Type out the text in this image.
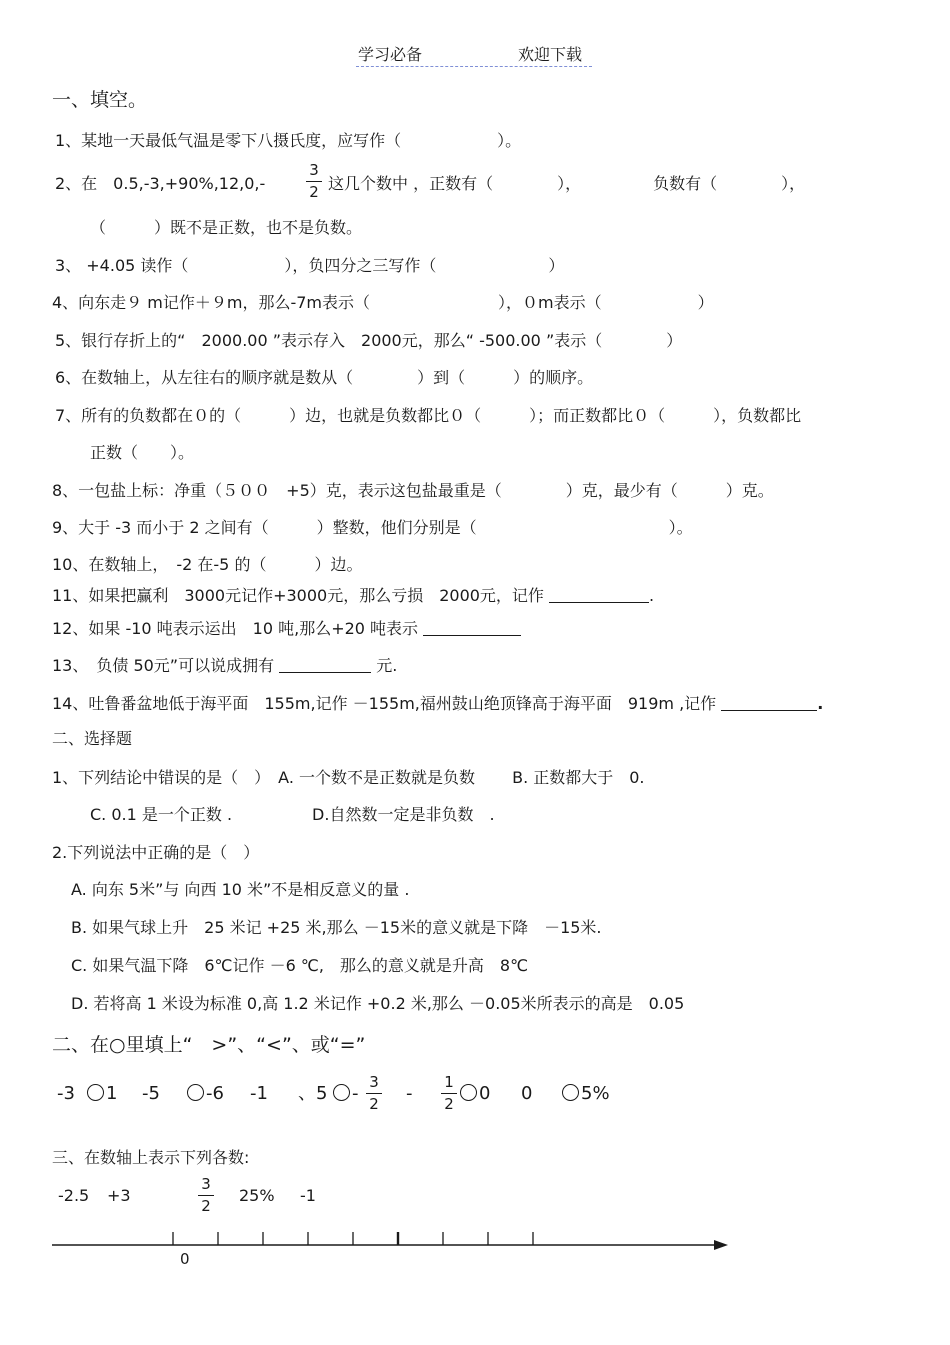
学习必备	欢迎下载
一、填空。
1、某地一天最低气温是零下八摄氏度，应写作（　　　　　　）。
2、在　0.5,-3,+90%,12,0,-
3
2 这几个数中 ，正数有（　　　　），　　　　　负数有（　　　　），
（　　　）既不是正数，也不是负数。
3、 +4.05 读作（　　　　　　），负四分之三写作（　　　　　　　）
4、向东走９ m记作＋９m，那么-7m表示（　　　　　　　　），０m表示（　　　　　　）
5、银行存折上的“　2000.00 ”表示存入　2000元，那么“ -500.00 ”表示（　　　　）
6、在数轴上，从左往右的顺序就是数从（　　　　）到（　　　）的顺序。
7、所有的负数都在０的（　　　）边，也就是负数都比０（　　　）；而正数都比０（　　　），负数都比
正数（　　）。
8、一包盐上标：净重（５００　+5）克，表示这包盐最重是（　　　　）克，最少有（　　　）克。
9、大于 -3 而小于 2 之间有（　　　）整数，他们分别是（　　　　　　　　　　　　）。
10、在数轴上，　-2 在-5 的（　　　）边。
11、如果把赢利　3000元记作+3000元，那么亏损　2000元，记作	.
12、如果 -10 吨表示运出　10 吨,那么+20 吨表示
13、　负债 50元”可以说成拥有	元.
14、吐鲁番盆地低于海平面　155m,记作 －155m,福州鼓山绝顶锋高于海平面　919m ,记作	.
二、选择题
1、下列结论中错误的是（　）　A. 一个数不是正数就是负数　　 B. 正数都大于　0.
C. 0.1 是一个正数 .　　　　　D.自然数一定是非负数　.
2.下列说法中正确的是（　）
A. 向东 5米”与 向西 10 米”不是相反意义的量 .
B. 如果气球上升　25 米记 +25 米,那么 －15米的意义就是下降　－15米.
C. 如果气温下降　6℃记作 －6 ℃,　那么的意义就是升高　8℃
D. 若将高 1 米设为标准 0,高 1.2 米记作 +0.2 米,那么 －0.05米所表示的高是　0.05
二、在○里填上“　>”、“<”、或“=”
-3 1 -5	-6 -1 、5 -
3
2 -
1
2 0 0	5%
三、在数轴上表示下列各数:
-2.5 +3
3
2
25% -1
0
